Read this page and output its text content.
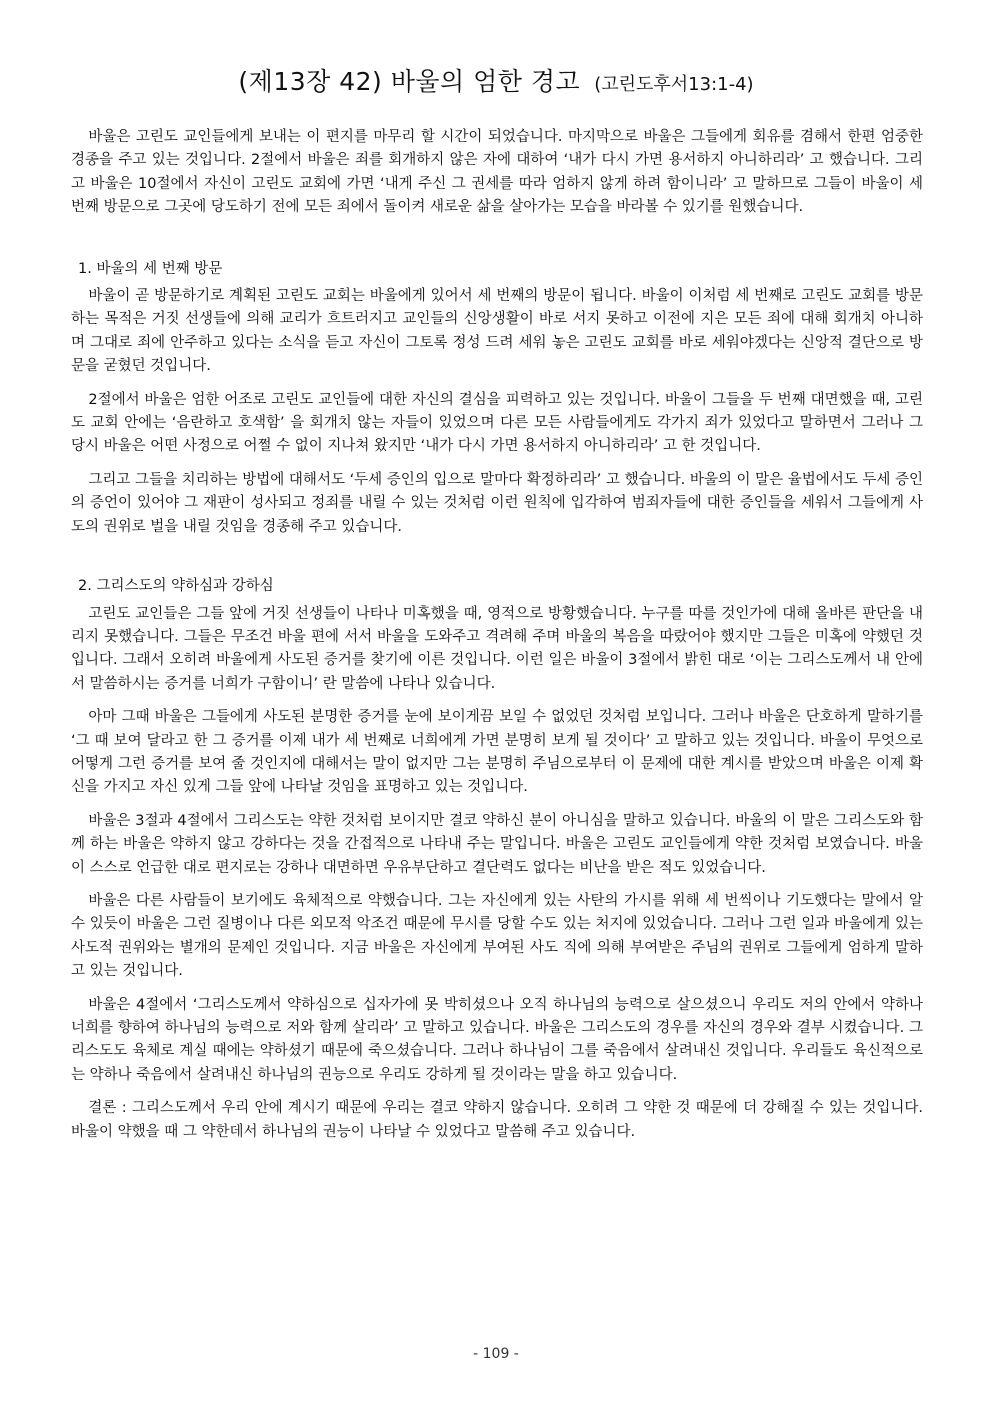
(제13장 42) 바울의 엄한 경고 (고린도후서13:1-4)

바울은 고린도 교인들에게 보내는 이 편지를 마무리 할 시간이 되었습니다. 마지막으로 바울은 그들에게 회유를 겸해서 한편 엄중한 경종을 주고 있는 것입니다. 2절에서 바울은 죄를 회개하지 않은 자에 대하여 ‘내가 다시 가면 용서하지 아니하리라’ 고 했습니다. 그리고 바울은 10절에서 자신이 고린도 교회에 가면 ‘내게 주신 그 권세를 따라 엄하지 않게 하려 함이니라’ 고 말하므로 그들이 바울이 세 번째 방문으로 그곳에 당도하기 전에 모든 죄에서 돌이켜 새로운 삶을 살아가는 모습을 바라볼 수 있기를 원했습니다.

1. 바울의 세 번째 방문

바울이 곧 방문하기로 계획된 고린도 교회는 바울에게 있어서 세 번째의 방문이 됩니다. 바울이 이처럼 세 번째로 고린도 교회를 방문하는 목적은 거짓 선생들에 의해 교리가 흐트러지고 교인들의 신앙생활이 바로 서지 못하고 이전에 지은 모든 죄에 대해 회개치 아니하며 그대로 죄에 안주하고 있다는 소식을 듣고 자신이 그토록 정성 드려 세워 놓은 고린도 교회를 바로 세워야겠다는 신앙적 결단으로 방문을 굳혔던 것입니다.

2절에서 바울은 엄한 어조로 고린도 교인들에 대한 자신의 결심을 피력하고 있는 것입니다. 바울이 그들을 두 번째 대면했을 때, 고린도 교회 안에는 ‘음란하고 호색함’ 을 회개치 않는 자들이 있었으며 다른 모든 사람들에게도 각가지 죄가 있었다고 말하면서 그러나 그 당시 바울은 어떤 사정으로 어쩔 수 없이 지나쳐 왔지만 ‘내가 다시 가면 용서하지 아니하리라’ 고 한 것입니다.

그리고 그들을 치리하는 방법에 대해서도 ‘두세 증인의 입으로 말마다 확정하리라’ 고 했습니다. 바울의 이 말은 율법에서도 두세 증인의 증언이 있어야 그 재판이 성사되고 정죄를 내릴 수 있는 것처럼 이런 원칙에 입각하여 범죄자들에 대한 증인들을 세워서 그들에게 사도의 권위로 벌을 내릴 것임을 경종해 주고 있습니다.

2. 그리스도의 약하심과 강하심

고린도 교인들은 그들 앞에 거짓 선생들이 나타나 미혹했을 때, 영적으로 방황했습니다. 누구를 따를 것인가에 대해 올바른 판단을 내리지 못했습니다. 그들은 무조건 바울 편에 서서 바울을 도와주고 격려해 주며 바울의 복음을 따랐어야 했지만 그들은 미혹에 약했던 것입니다. 그래서 오히려 바울에게 사도된 증거를 찾기에 이른 것입니다. 이런 일은 바울이 3절에서 밝힌 대로 ‘이는 그리스도께서 내 안에서 말씀하시는 증거를 너희가 구함이니’ 란 말씀에 나타나 있습니다.

아마 그때 바울은 그들에게 사도된 분명한 증거를 눈에 보이게끔 보일 수 없었던 것처럼 보입니다. 그러나 바울은 단호하게 말하기를 ‘그 때 보여 달라고 한 그 증거를 이제 내가 세 번째로 너희에게 가면 분명히 보게 될 것이다’ 고 말하고 있는 것입니다. 바울이 무엇으로 어떻게 그런 증거를 보여 줄 것인지에 대해서는 말이 없지만 그는 분명히 주님으로부터 이 문제에 대한 계시를 받았으며 바울은 이제 확신을 가지고 자신 있게 그들 앞에 나타날 것임을 표명하고 있는 것입니다.

바울은 3절과 4절에서 그리스도는 약한 것처럼 보이지만 결코 약하신 분이 아니심을 말하고 있습니다. 바울의 이 말은 그리스도와 함께 하는 바울은 약하지 않고 강하다는 것을 간접적으로 나타내 주는 말입니다. 바울은 고린도 교인들에게 약한 것처럼 보였습니다. 바울이 스스로 언급한 대로 편지로는 강하나 대면하면 우유부단하고 결단력도 없다는 비난을 받은 적도 있었습니다.

바울은 다른 사람들이 보기에도 육체적으로 약했습니다. 그는 자신에게 있는 사탄의 가시를 위해 세 번씩이나 기도했다는 말에서 알 수 있듯이 바울은 그런 질병이나 다른 외모적 악조건 때문에 무시를 당할 수도 있는 처지에 있었습니다. 그러나 그런 일과 바울에게 있는 사도적 권위와는 별개의 문제인 것입니다. 지금 바울은 자신에게 부여된 사도 직에 의해 부여받은 주님의 권위로 그들에게 엄하게 말하고 있는 것입니다.

바울은 4절에서 ‘그리스도께서 약하심으로 십자가에 못 박히셨으나 오직 하나님의 능력으로 살으셨으니 우리도 저의 안에서 약하나 너희를 향하여 하나님의 능력으로 저와 함께 살리라’ 고 말하고 있습니다. 바울은 그리스도의 경우를 자신의 경우와 결부 시켰습니다. 그리스도도 육체로 계실 때에는 약하셨기 때문에 죽으셨습니다. 그러나 하나님이 그를 죽음에서 살려내신 것입니다. 우리들도 육신적으로는 약하나 죽음에서 살려내신 하나님의 권능으로 우리도 강하게 될 것이라는 말을 하고 있습니다.

결론 : 그리스도께서 우리 안에 계시기 때문에 우리는 결코 약하지 않습니다. 오히려 그 약한 것 때문에 더 강해질 수 있는 것입니다. 바울이 약했을 때 그 약한데서 하나님의 권능이 나타날 수 있었다고 말씀해 주고 있습니다.

- 109 -
